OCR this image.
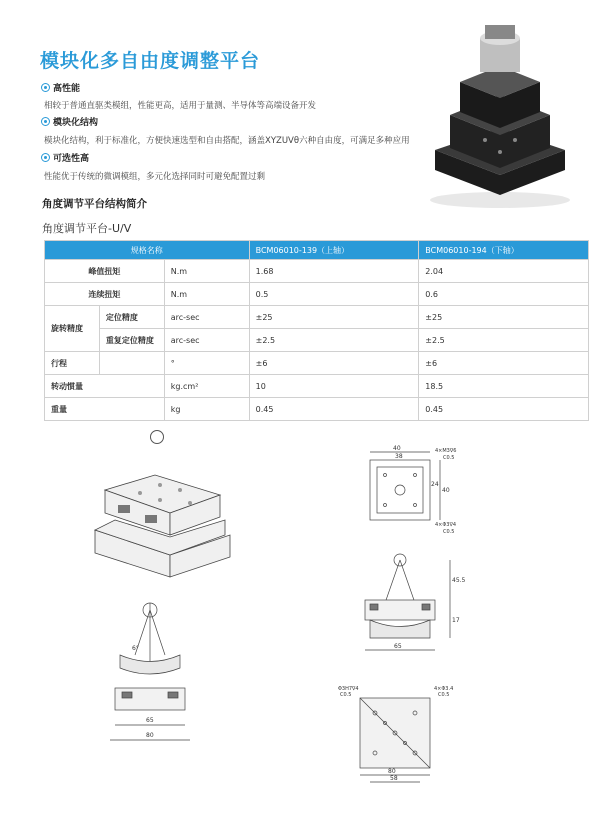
模块化多自由度调整平台
高性能
相较于普通直驱类模组，性能更高，适用于量测、半导体等高端设备开发
模块化结构
模块化结构，利于标准化，方便快速选型和自由搭配，涵盖XYZUVθ六种自由度，可满足多种应用
可选性高
性能优于传统的微调模组，多元化选择同时可避免配置过剩
角度调节平台结构简介
角度调节平台-U/V
规格名称			BCM06010-139（上轴）	BCM06010-194（下轴）
峰值扭矩		N.m	1.68	2.04
连续扭矩		N.m	0.5	0.6
旋转精度	定位精度	arc-sec	±25	±25
	重复定位精度	arc-sec	±2.5	±2.5
行程		°	±6	±6
转动惯量		kg.cm²	10	18.5
重量		kg	0.45	0.45
6°
65
80
40
38
40
24
4×M3∇6
C0.5
4×Φ3∇4
C0.5
45.5
17
65
Φ3H7∇4
C0.5
4×Φ3.4
C0.5
80
58
